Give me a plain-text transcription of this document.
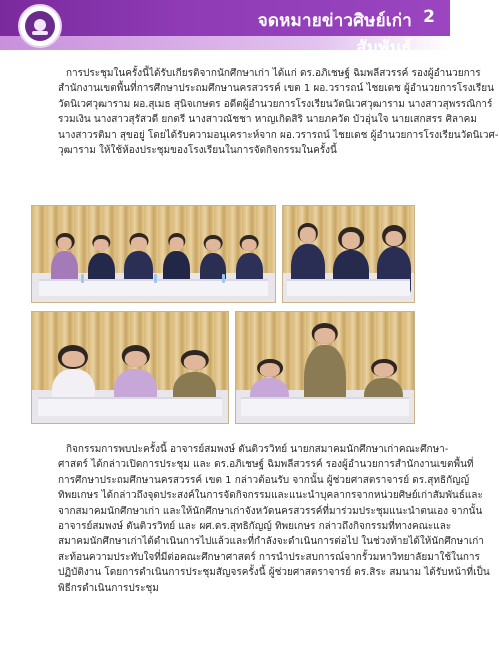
จดหมายข่าวศิษย์เก่าสัมพันธ์
2
การประชุมในครั้งนี้ได้รับเกียรติจากนักศึกษาเก่า ได้แก่ ดร.อภิเชษฐ์ ฉิมพลีสวรรค์ รองผู้อำนวยการ
สำนักงานเขตพื้นที่การศึกษาประถมศึกษานครสวรรค์ เขต 1 ผอ.วรารถน์ ไชยเดช ผู้อำนวยการโรงเรียน
วัดนิเวศวุฒาราม ผอ.สุเมธ สุนิจเกษตร อดีตผู้อำนวยการโรงเรียนวัดนิเวศวุฒาราม นางสาวสุพรรณิการ์
รวมเงิน นางสาวสุรัสวดี ยกตรี นางสาวณัชชา หาญเกิดสิริ นายภควัต บัวอุ่นใจ นายเสกสรร ศิลาคม
นางสาวรติมา สุขอยู่ โดยได้รับความอนุเคราะห์จาก ผอ.วรารถน์ ไชยเดช ผู้อำนวยการโรงเรียนวัดนิเวศ-
วุฒาราม ให้ใช้ห้องประชุมของโรงเรียนในการจัดกิจกรรมในครั้งนี้
กิจกรรมการพบปะครั้งนี้ อาจารย์สมพงษ์ ตันติวรวิทย์ นายกสมาคมนักศึกษาเก่าคณะศึกษา-
ศาสตร์ ได้กล่าวเปิดการประชุม และ ดร.อภิเชษฐ์ ฉิมพลีสวรรค์ รองผู้อำนวยการสำนักงานเขตพื้นที่
การศึกษาประถมศึกษานครสวรรค์ เขต 1 กล่าวต้อนรับ จากนั้น ผู้ช่วยศาสตราจารย์ ดร.สุทธิกัญญ์
ทิพยเกษร ได้กล่าวถึงจุดประสงค์ในการจัดกิจกรรมและแนะนำบุคลากรจากหน่วยศิษย์เก่าสัมพันธ์และ
จากสมาคมนักศึกษาเก่า และให้นักศึกษาเก่าจังหวัดนครสวรรค์ที่มาร่วมประชุมแนะนำตนเอง จากนั้น
อาจารย์สมพงษ์ ตันติวรวิทย์ และ ผศ.ดร.สุทธิกัญญ์ ทิพยเกษร กล่าวถึงกิจกรรมที่ทางคณะและ
สมาคมนักศึกษาเก่าได้ดำเนินการไปแล้วและที่กำลังจะดำเนินการต่อไป ในช่วงท้ายได้ให้นักศึกษาเก่า
สะท้อนความประทับใจที่มีต่อคณะศึกษาศาสตร์ การนำประสบการณ์จากรั้วมหาวิทยาลัยมาใช้ในการ
ปฏิบัติงาน โดยการดำเนินการประชุมสัญจรครั้งนี้ ผู้ช่วยศาสตราจารย์ ดร.สิระ สมนาม ได้รับหน้าที่เป็น
พิธีกรดำเนินการประชุม
